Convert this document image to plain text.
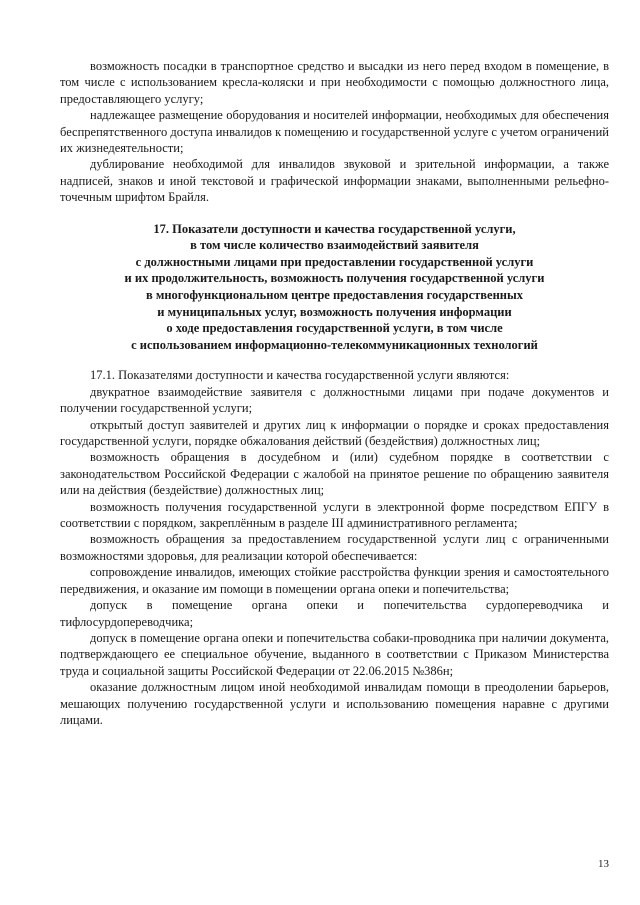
возможность посадки в транспортное средство и высадки из него перед входом в помещение, в том числе с использованием кресла-коляски и при необходимости с помощью должностного лица, предоставляющего услугу;

надлежащее размещение оборудования и носителей информации, необходимых для обеспечения беспрепятственного доступа инвалидов к помещению и государственной услуге с учетом ограничений их жизнедеятельности;

дублирование необходимой для инвалидов звуковой и зрительной информации, а также надписей, знаков и иной текстовой и графической информации знаками, выполненными рельефно-точечным шрифтом Брайля.

17. Показатели доступности и качества государственной услуги,
в том числе количество взаимодействий заявителя
с должностными лицами при предоставлении государственной услуги
и их продолжительность, возможность получения государственной услуги
в многофункциональном центре предоставления государственных
и муниципальных услуг, возможность получения информации
о ходе предоставления государственной услуги, в том числе
с использованием информационно-телекоммуникационных технологий

17.1. Показателями доступности и качества государственной услуги являются:

двукратное взаимодействие заявителя с должностными лицами при подаче документов и получении государственной услуги;

открытый доступ заявителей и других лиц к информации о порядке и сроках предоставления государственной услуги, порядке обжалования действий (бездействия) должностных лиц;

возможность обращения в досудебном и (или) судебном порядке в соответствии с законодательством Российской Федерации с жалобой на принятое решение по обращению заявителя или на действия (бездействие) должностных лиц;

возможность получения государственной услуги в электронной форме посредством ЕПГУ в соответствии с порядком, закреплённым в разделе III административного регламента;

возможность обращения за предоставлением государственной услуги лиц с ограниченными возможностями здоровья, для реализации которой обеспечивается:

сопровождение инвалидов, имеющих стойкие расстройства функции зрения и самостоятельного передвижения, и оказание им помощи в помещении органа опеки и попечительства;

допуск в помещение органа опеки и попечительства сурдопереводчика и тифлосурдопереводчика;

допуск в помещение органа опеки и попечительства собаки-проводника при наличии документа, подтверждающего ее специальное обучение, выданного в соответствии с Приказом Министерства труда и социальной защиты Российской Федерации от 22.06.2015 №386н;

оказание должностным лицом иной необходимой инвалидам помощи в преодолении барьеров, мешающих получению государственной услуги и использованию помещения наравне с другими лицами.

13
